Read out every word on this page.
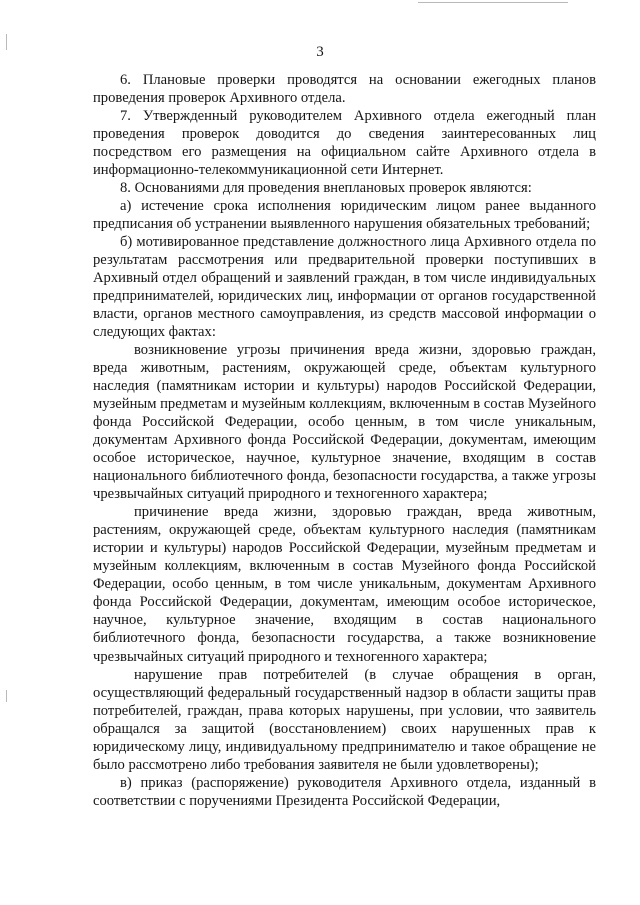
3

6. Плановые проверки проводятся на основании ежегодных планов проведения проверок Архивного отдела.

7. Утвержденный руководителем Архивного отдела ежегодный план проведения проверок доводится до сведения заинтересованных лиц посредством его размещения на официальном сайте Архивного отдела в информационно-телекоммуникационной сети Интернет.

8. Основаниями для проведения внеплановых проверок являются:

а) истечение срока исполнения юридическим лицом ранее выданного предписания об устранении выявленного нарушения обязательных требований;

б) мотивированное представление должностного лица Архивного отдела по результатам рассмотрения или предварительной проверки поступивших в Архивный отдел обращений и заявлений граждан, в том числе индивидуальных предпринимателей, юридических лиц, информации от органов государственной власти, органов местного самоуправления, из средств массовой информации о следующих фактах:

возникновение угрозы причинения вреда жизни, здоровью граждан, вреда животным, растениям, окружающей среде, объектам культурного наследия (памятникам истории и культуры) народов Российской Федерации, музейным предметам и музейным коллекциям, включенным в состав Музейного фонда Российской Федерации, особо ценным, в том числе уникальным, документам Архивного фонда Российской Федерации, документам, имеющим особое историческое, научное, культурное значение, входящим в состав национального библиотечного фонда, безопасности государства, а также угрозы чрезвычайных ситуаций природного и техногенного характера;

причинение вреда жизни, здоровью граждан, вреда животным, растениям, окружающей среде, объектам культурного наследия (памятникам истории и культуры) народов Российской Федерации, музейным предметам и музейным коллекциям, включенным в состав Музейного фонда Российской Федерации, особо ценным, в том числе уникальным, документам Архивного фонда Российской Федерации, документам, имеющим особое историческое, научное, культурное значение, входящим в состав национального библиотечного фонда, безопасности государства, а также возникновение чрезвычайных ситуаций природного и техногенного характера;

нарушение прав потребителей (в случае обращения в орган, осуществляющий федеральный государственный надзор в области защиты прав потребителей, граждан, права которых нарушены, при условии, что заявитель обращался за защитой (восстановлением) своих нарушенных прав к юридическому лицу, индивидуальному предпринимателю и такое обращение не было рассмотрено либо требования заявителя не были удовлетворены);

в) приказ (распоряжение) руководителя Архивного отдела, изданный в соответствии с поручениями Президента Российской Федерации,
